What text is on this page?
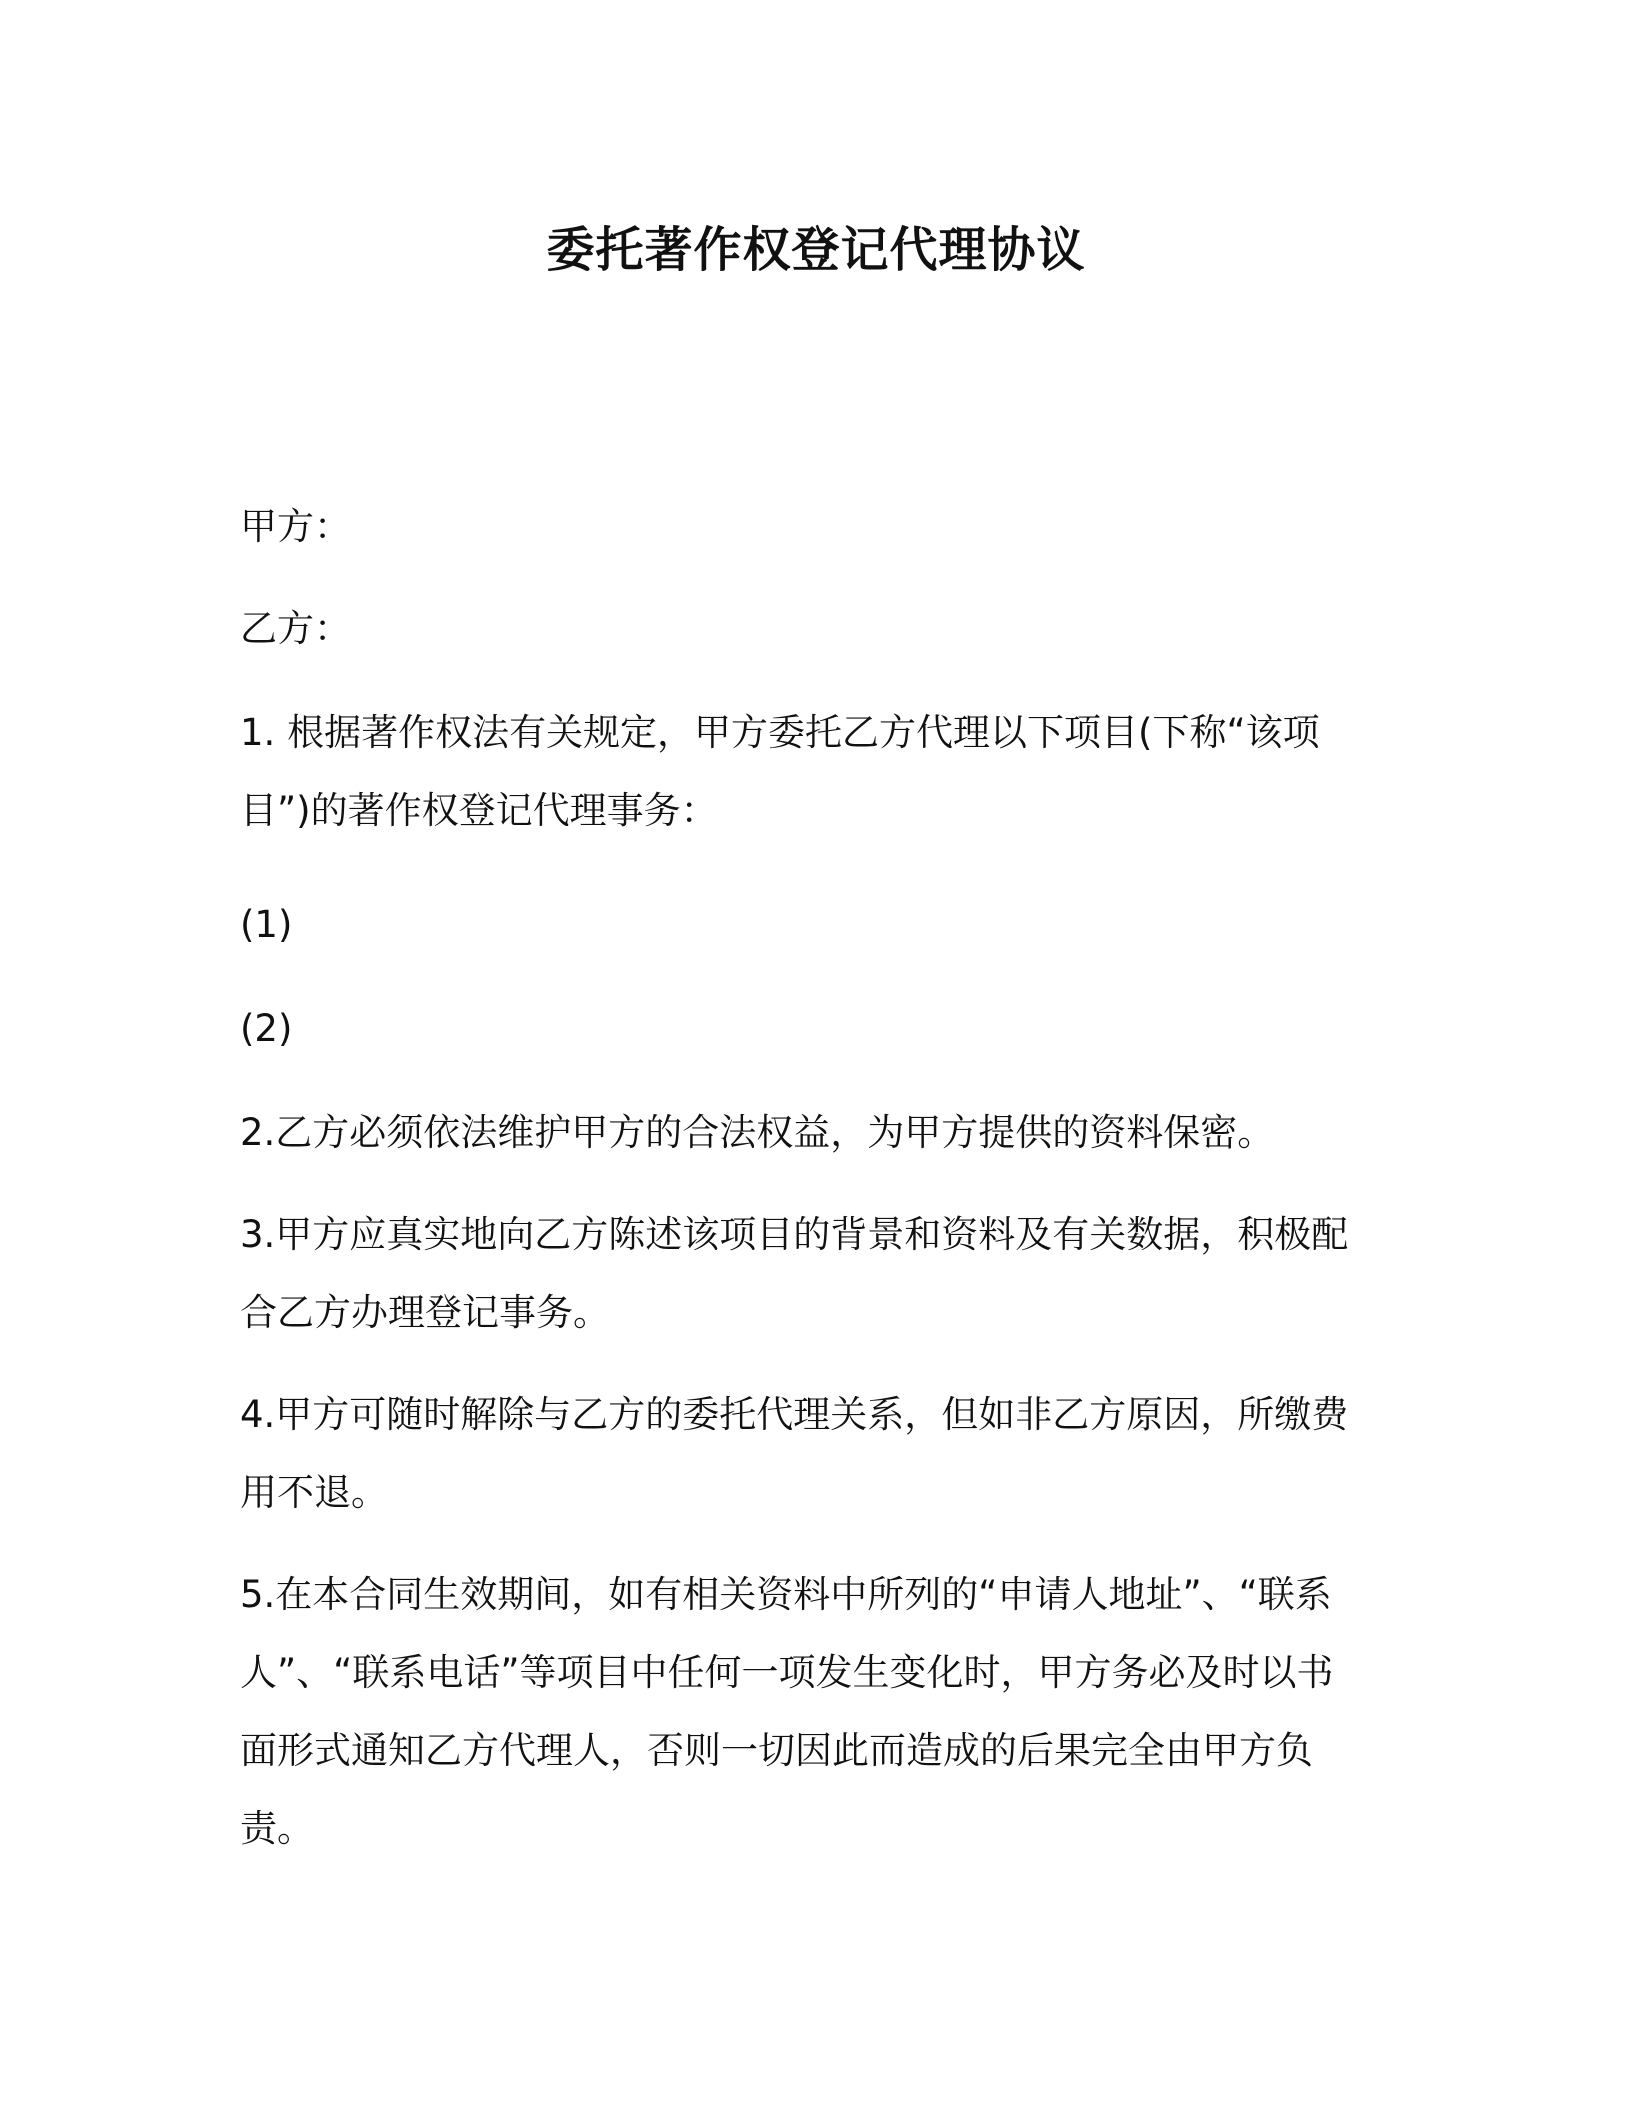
委托著作权登记代理协议

甲方：

乙方：

1. 根据著作权法有关规定，甲方委托乙方代理以下项目(下称“该项目”)的著作权登记代理事务：

(1)

(2)

2.乙方必须依法维护甲方的合法权益，为甲方提供的资料保密。

3.甲方应真实地向乙方陈述该项目的背景和资料及有关数据，积极配合乙方办理登记事务。

4.甲方可随时解除与乙方的委托代理关系，但如非乙方原因，所缴费用不退。

5.在本合同生效期间，如有相关资料中所列的“申请人地址”、“联系人”、“联系电话”等项目中任何一项发生变化时，甲方务必及时以书面形式通知乙方代理人，否则一切因此而造成的后果完全由甲方负责。
